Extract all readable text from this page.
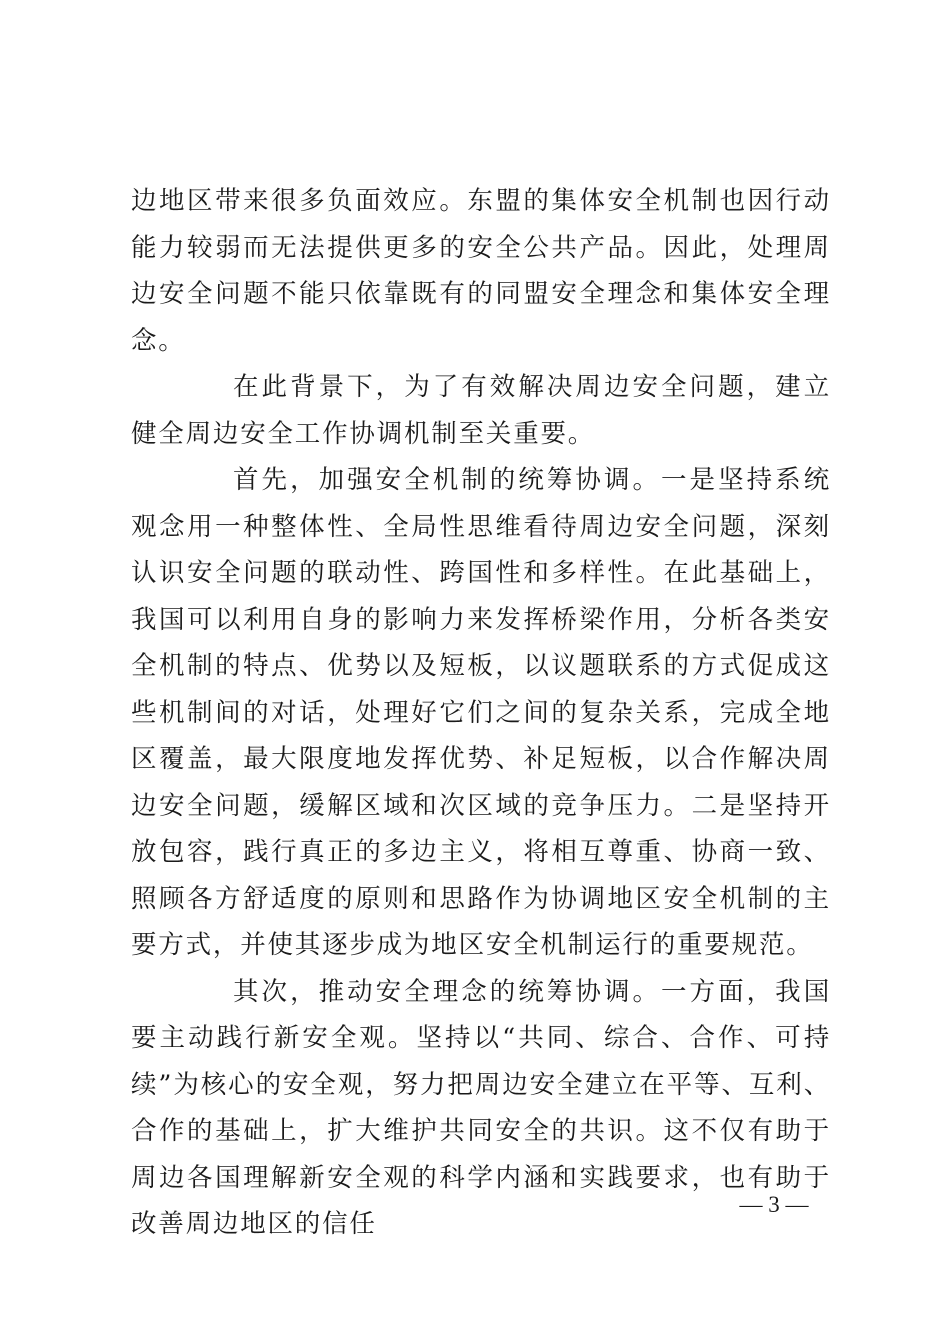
边地区带来很多负面效应。东盟的集体安全机制也因行动能力较弱而无法提供更多的安全公共产品。因此，处理周边安全问题不能只依靠既有的同盟安全理念和集体安全理念。

在此背景下，为了有效解决周边安全问题，建立健全周边安全工作协调机制至关重要。

首先，加强安全机制的统筹协调。一是坚持系统观念用一种整体性、全局性思维看待周边安全问题，深刻认识安全问题的联动性、跨国性和多样性。在此基础上，我国可以利用自身的影响力来发挥桥梁作用，分析各类安全机制的特点、优势以及短板，以议题联系的方式促成这些机制间的对话，处理好它们之间的复杂关系，完成全地区覆盖，最大限度地发挥优势、补足短板，以合作解决周边安全问题，缓解区域和次区域的竞争压力。二是坚持开放包容，践行真正的多边主义，将相互尊重、协商一致、照顾各方舒适度的原则和思路作为协调地区安全机制的主要方式，并使其逐步成为地区安全机制运行的重要规范。

其次，推动安全理念的统筹协调。一方面，我国要主动践行新安全观。坚持以“共同、综合、合作、可持续”为核心的安全观，努力把周边安全建立在平等、互利、合作的基础上，扩大维护共同安全的共识。这不仅有助于周边各国理解新安全观的科学内涵和实践要求，也有助于改善周边地区的信任

— 3 —
